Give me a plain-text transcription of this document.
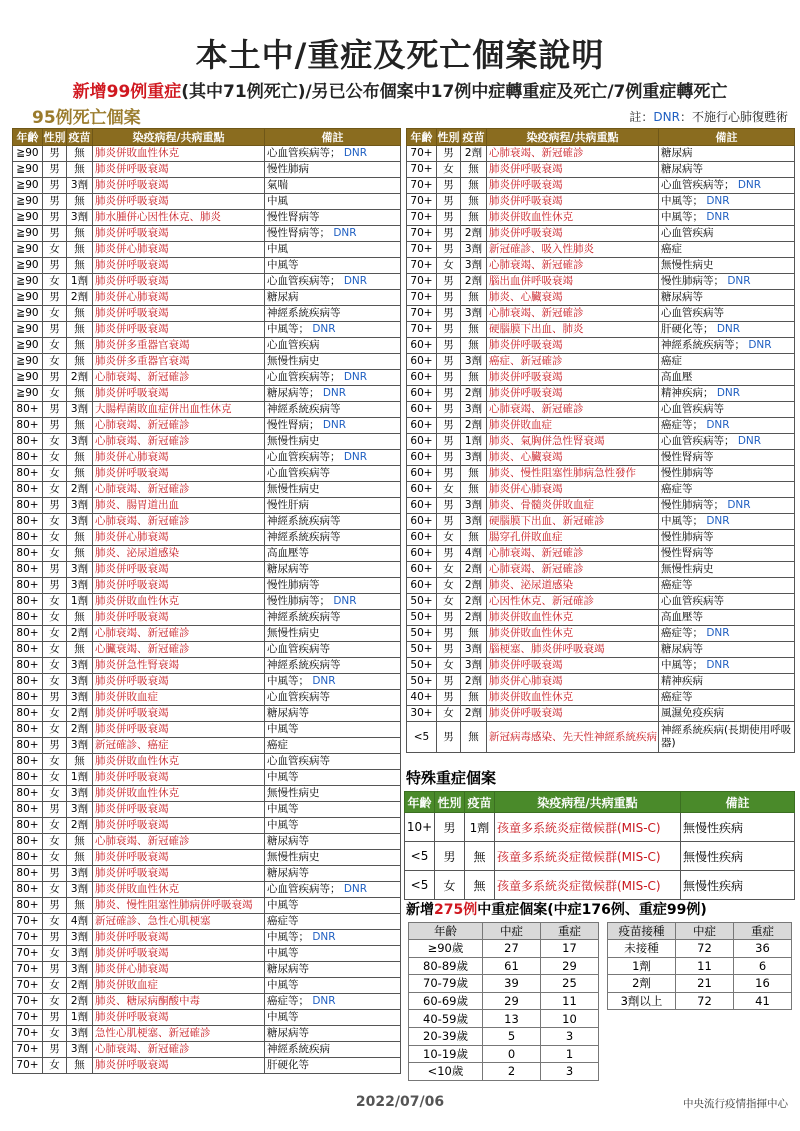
本土中/重症及死亡個案說明
新增99例重症(其中71例死亡)/另已公布個案中17例中症轉重症及死亡/7例重症轉死亡
95例死亡個案	註：DNR：不施行心肺復甦術
年齡	性別	疫苗	染疫病程/共病重點	備註
≧90	男	無	肺炎併敗血性休克	心血管疾病等； DNR
≧90	男	無	肺炎併呼吸衰竭	慢性肺病
≧90	男	3劑	肺炎併呼吸衰竭	氣喘
≧90	男	無	肺炎併呼吸衰竭	中風
≧90	男	3劑	肺水腫併心因性休克、肺炎	慢性腎病等
≧90	男	無	肺炎併呼吸衰竭	慢性腎病等； DNR
≧90	女	無	肺炎併心肺衰竭	中風
≧90	男	無	肺炎併呼吸衰竭	中風等
≧90	女	1劑	肺炎併呼吸衰竭	心血管疾病等； DNR
≧90	男	2劑	肺炎併心肺衰竭	糖尿病
≧90	女	無	肺炎併呼吸衰竭	神經系統疾病等
≧90	男	無	肺炎併呼吸衰竭	中風等； DNR
≧90	女	無	肺炎併多重器官衰竭	心血管疾病
≧90	女	無	肺炎併多重器官衰竭	無慢性病史
≧90	男	2劑	心肺衰竭、新冠確診	心血管疾病等； DNR
≧90	女	無	肺炎併呼吸衰竭	糖尿病等； DNR
80+	男	3劑	大腸桿菌敗血症併出血性休克	神經系統疾病等
80+	男	無	心肺衰竭、新冠確診	慢性腎病； DNR
80+	女	3劑	心肺衰竭、新冠確診	無慢性病史
80+	女	無	肺炎併心肺衰竭	心血管疾病等； DNR
80+	女	無	肺炎併呼吸衰竭	心血管疾病等
80+	女	2劑	心肺衰竭、新冠確診	無慢性病史
80+	男	3劑	肺炎、腸胃道出血	慢性肝病
80+	女	3劑	心肺衰竭、新冠確診	神經系統疾病等
80+	女	無	肺炎併心肺衰竭	神經系統疾病等
80+	女	無	肺炎、泌尿道感染	高血壓等
80+	男	3劑	肺炎併呼吸衰竭	糖尿病等
80+	男	3劑	肺炎併呼吸衰竭	慢性肺病等
80+	女	1劑	肺炎併敗血性休克	慢性肺病等； DNR
80+	女	無	肺炎併呼吸衰竭	神經系統疾病等
80+	女	2劑	心肺衰竭、新冠確診	無慢性病史
80+	女	無	心臟衰竭、新冠確診	心血管疾病等
80+	女	3劑	肺炎併急性腎衰竭	神經系統疾病等
80+	女	3劑	肺炎併呼吸衰竭	中風等； DNR
80+	男	3劑	肺炎併敗血症	心血管疾病等
80+	女	2劑	肺炎併呼吸衰竭	糖尿病等
80+	女	2劑	肺炎併呼吸衰竭	中風等
80+	男	3劑	新冠確診、癌症	癌症
80+	女	無	肺炎併敗血性休克	心血管疾病等
80+	女	1劑	肺炎併呼吸衰竭	中風等
80+	女	3劑	肺炎併敗血性休克	無慢性病史
80+	男	3劑	肺炎併呼吸衰竭	中風等
80+	女	2劑	肺炎併呼吸衰竭	中風等
80+	女	無	心肺衰竭、新冠確診	糖尿病等
80+	女	無	肺炎併呼吸衰竭	無慢性病史
80+	男	3劑	肺炎併呼吸衰竭	糖尿病等
80+	女	3劑	肺炎併敗血性休克	心血管疾病等； DNR
80+	男	無	肺炎、慢性阻塞性肺病併呼吸衰竭	中風等
70+	女	4劑	新冠確診、急性心肌梗塞	癌症等
70+	男	3劑	肺炎併呼吸衰竭	中風等； DNR
70+	女	3劑	肺炎併呼吸衰竭	中風等
70+	男	3劑	肺炎併心肺衰竭	糖尿病等
70+	女	2劑	肺炎併敗血症	中風等
70+	女	2劑	肺炎、糖尿病酮酸中毒	癌症等； DNR
70+	男	1劑	肺炎併呼吸衰竭	中風等
70+	女	3劑	急性心肌梗塞、新冠確診	糖尿病等
70+	男	3劑	心肺衰竭、新冠確診	神經系統疾病
70+	女	無	肺炎併呼吸衰竭	肝硬化等
年齡	性別	疫苗	染疫病程/共病重點	備註
70+	男	2劑	心肺衰竭、新冠確診	糖尿病
70+	女	無	肺炎併呼吸衰竭	糖尿病等
70+	男	無	肺炎併呼吸衰竭	心血管疾病等； DNR
70+	男	無	肺炎併呼吸衰竭	中風等； DNR
70+	男	無	肺炎併敗血性休克	中風等； DNR
70+	男	2劑	肺炎併呼吸衰竭	心血管疾病
70+	男	3劑	新冠確診、吸入性肺炎	癌症
70+	女	3劑	心肺衰竭、新冠確診	無慢性病史
70+	男	2劑	腦出血併呼吸衰竭	慢性肺病等； DNR
70+	男	無	肺炎、心臟衰竭	糖尿病等
70+	男	3劑	心肺衰竭、新冠確診	心血管疾病等
70+	男	無	硬腦膜下出血、肺炎	肝硬化等； DNR
60+	男	無	肺炎併呼吸衰竭	神經系統疾病等； DNR
60+	男	3劑	癌症、新冠確診	癌症
60+	男	無	肺炎併呼吸衰竭	高血壓
60+	男	2劑	肺炎併呼吸衰竭	精神疾病； DNR
60+	男	3劑	心肺衰竭、新冠確診	心血管疾病等
60+	男	2劑	肺炎併敗血症	癌症等； DNR
60+	男	1劑	肺炎、氣胸併急性腎衰竭	心血管疾病等； DNR
60+	男	3劑	肺炎、心臟衰竭	慢性腎病等
60+	男	無	肺炎、慢性阻塞性肺病急性發作	慢性肺病等
60+	女	無	肺炎併心肺衰竭	癌症等
60+	男	3劑	肺炎、骨髓炎併敗血症	慢性肺病等； DNR
60+	男	3劑	硬腦膜下出血、新冠確診	中風等； DNR
60+	女	無	腸穿孔併敗血症	慢性肺病等
60+	男	4劑	心肺衰竭、新冠確診	慢性腎病等
60+	女	2劑	心肺衰竭、新冠確診	無慢性病史
60+	女	2劑	肺炎、泌尿道感染	癌症等
50+	女	2劑	心因性休克、新冠確診	心血管疾病等
50+	男	2劑	肺炎併敗血性休克	高血壓等
50+	男	無	肺炎併敗血性休克	癌症等； DNR
50+	男	3劑	腦梗塞、肺炎併呼吸衰竭	糖尿病等
50+	女	3劑	肺炎併呼吸衰竭	中風等； DNR
50+	男	2劑	肺炎併心肺衰竭	精神疾病
40+	男	無	肺炎併敗血性休克	癌症等
30+	女	2劑	肺炎併呼吸衰竭	風濕免疫疾病
<5	男	無	新冠病毒感染、先天性神經系統疾病	神經系統疾病(長期使用呼吸器)
特殊重症個案
年齡	性別	疫苗	染疫病程/共病重點	備註
10+	男	1劑	孩童多系統炎症徵候群(MIS-C)	無慢性疾病
<5	男	無	孩童多系統炎症徵候群(MIS-C)	無慢性疾病
<5	女	無	孩童多系統炎症徵候群(MIS-C)	無慢性疾病
新增275例中重症個案(中症176例、重症99例)
年齡	中症	重症
≥90歲	27	17
80-89歲	61	29
70-79歲	39	25
60-69歲	29	11
40-59歲	13	10
20-39歲	5	3
10-19歲	0	1
<10歲	2	3
疫苗接種	中症	重症
未接種	72	36
1劑	11	6
2劑	21	16
3劑以上	72	41
2022/07/06	中央流行疫情指揮中心
